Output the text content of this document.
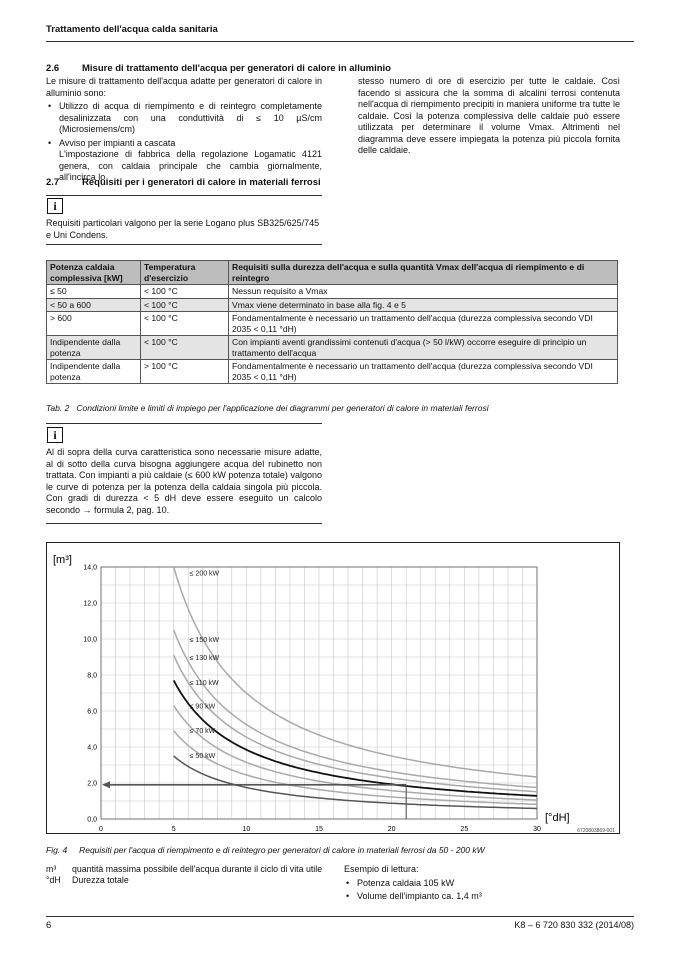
Trattamento dell'acqua calda sanitaria
2.6 Misure di trattamento dell'acqua per generatori di calore in alluminio
Le misure di trattamento dell'acqua adatte per generatori di calore in alluminio sono:
• Utilizzo di acqua di riempimento e di reintegro completamente desalinizzata con una conduttività di ≤ 10 µS/cm (Microsiemens/cm)
• Avviso per impianti a cascata
L'impostazione di fabbrica della regolazione Logamatic 4121 genera, con caldaia principale che cambia giornalmente, all'incirca lo
stesso numero di ore di esercizio per tutte le caldaie. Così facendo si assicura che la somma di alcalini terrosi contenuta nell'acqua di riempimento precipiti in maniera uniforme tra tutte le caldaie. Così la potenza complessiva delle caldaie può essere utilizzata per determinare il volume Vmax. Altrimenti nel diagramma deve essere impiegata la potenza più piccola fornita delle caldaie.
2.7 Requisiti per i generatori di calore in materiali ferrosi
i
Requisiti particolari valgono per la serie Logano plus SB325/625/745 e Uni Condens.
Potenza caldaia complessiva [kW]	Temperatura d'esercizio	Requisiti sulla durezza dell'acqua e sulla quantità Vmax dell'acqua di riempimento e di reintegro
≤ 50	< 100 °C	Nessun requisito a Vmax
< 50 a 600	< 100 °C	Vmax viene determinato in base alla fig. 4 e 5
> 600	< 100 °C	Fondamentalmente è necessario un trattamento dell'acqua (durezza complessiva secondo VDI 2035 < 0,11 °dH)
Indipendente dalla potenza	< 100 °C	Con impianti aventi grandissimi contenuti d'acqua (> 50 l/kW) occorre eseguire di principio un trattamento dell'acqua
Indipendente dalla potenza	> 100 °C	Fondamentalmente è necessario un trattamento dell'acqua (durezza complessiva secondo VDI 2035 < 0,11 °dH)
Tab. 2 Condizioni limite e limiti di impiego per l'applicazione dei diagrammi per generatori di calore in materiali ferrosi
i
Al di sopra della curva caratteristica sono necessarie misure adatte, al di sotto della curva bisogna aggiungere acqua del rubinetto non trattata. Con impianti a più caldaie (≤ 600 kW potenza totale) valgono le curve di potenza per la potenza della caldaia singola più piccola. Con gradi di durezza < 5 dH deve essere eseguito un calcolo secondo → formula 2, pag. 10.
0,0
2,0
4,0
6,0
8,0
10,0
12,0
14,0
0	5	10	15	20	25	30
≤ 200 kW
≤ 150 kW
≤ 130 kW
≤ 110 kW
≤ 90 kW
≤ 70 kW
≤ 50 kW
[m³]
[°dH]
6720803869-001
Fig. 4 Requisiti per l'acqua di riempimento e di reintegro per generatori di calore in materiali ferrosi da 50 - 200 kW
m³	quantità massima possibile dell'acqua durante il ciclo di vita utile
°dH	Durezza totale
Esempio di lettura:
• Potenza caldaia 105 kW
• Volume dell'impianto ca. 1,4 m³
6	K8 – 6 720 830 332 (2014/08)
